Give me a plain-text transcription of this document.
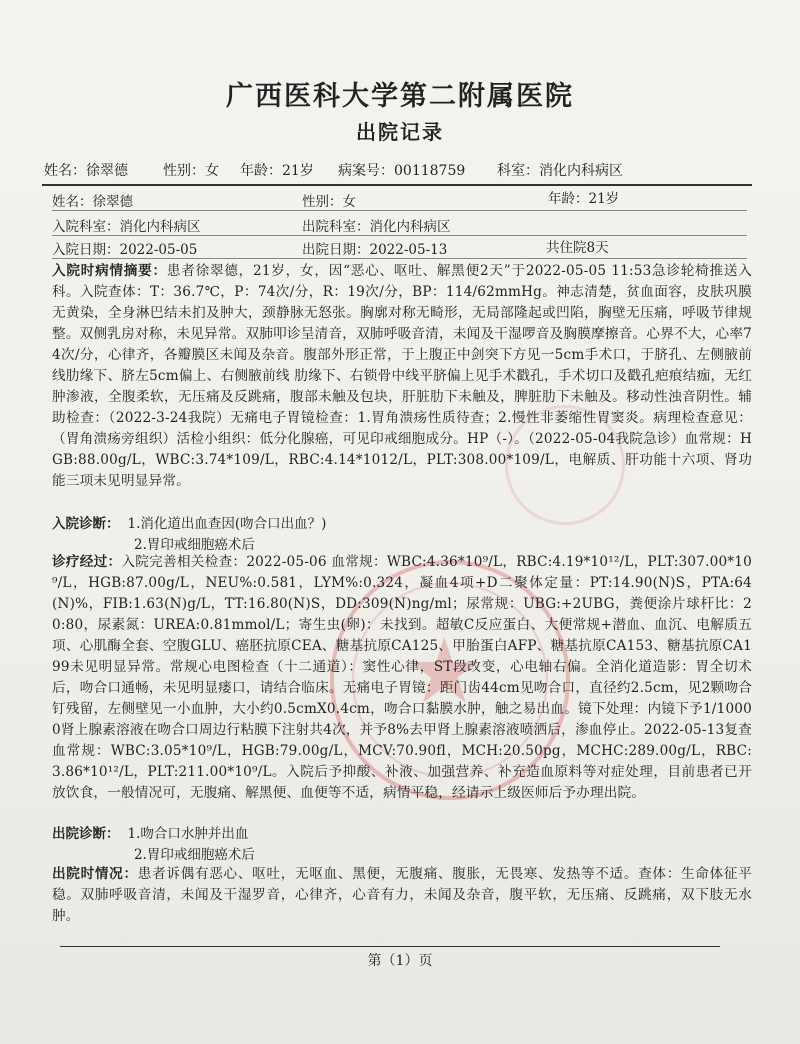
★
广西医科大学第二附属医院
出院记录
姓名：徐翠德	性别：女 年龄：21岁 病案号：00118759 科室：消化内科病区
姓名：徐翠德	性别：女	年龄：21岁
入院科室：消化内科病区	出院科室：消化内科病区
入院日期：2022-05-05	出院日期：2022-05-13	共住院8天
入院时病情摘要：患者徐翠德，21岁，女，因“恶心、呕吐、解黑便2天”于2022-05-05 11:53急诊轮椅推送入科。入院查体：T：36.7℃，P：74次/分，R：19次/分，BP：114/62mmHg。神志清楚，贫血面容，皮肤巩膜无黄染，全身淋巴结未扪及肿大，颈静脉无怒张。胸廓对称无畸形，无局部隆起或凹陷，胸壁无压痛，呼吸节律规整。双侧乳房对称，未见异常。双肺叩诊呈清音，双肺呼吸音清，未闻及干湿啰音及胸膜摩擦音。心界不大，心率74次/分，心律齐，各瓣膜区未闻及杂音。腹部外形正常，于上腹正中剑突下方见一5cm手术口，于脐孔、左侧腋前线肋缘下、脐左5cm偏上、右侧腋前线 肋缘下、右锁骨中线平脐偏上见手术戳孔，手术切口及戳孔疤痕结痂，无红肿渗液，全腹柔软，无压痛及反跳痛，腹部未触及包块，肝脏肋下未触及，脾脏肋下未触及。移动性浊音阴性。辅助检查：（2022-3-24我院）无痛电子胃镜检查：1.胃角溃疡性质待查；2.慢性非萎缩性胃窦炎。病理检查意见：（胃角溃疡旁组织）活检小组织：低分化腺癌，可见印戒细胞成分。HP（-）。（2022-05-04我院急诊）血常规：HGB:88.00g/L，WBC:3.74*109/L，RBC:4.14*1012/L，PLT:308.00*109/L，电解质、肝功能十六项、肾功能三项未见明显异常。
入院诊断： 1.消化道出血查因(吻合口出血？)
2.胃印戒细胞癌术后
诊疗经过：入院完善相关检查：2022-05-06 血常规：WBC:4.36*10⁹/L，RBC:4.19*10¹²/L，PLT:307.00*10⁹/L，HGB:87.00g/L，NEU%:0.581，LYM%:0.324，凝血4项+D二聚体定量：PT:14.90(N)S，PTA:64(N)%，FIB:1.63(N)g/L，TT:16.80(N)S，DD:309(N)ng/ml；尿常规：UBG:+2UBG，粪便涂片球杆比：20:80，尿素氮：UREA:0.81mmol/L；寄生虫(卵)：未找到。超敏C反应蛋白、大便常规+潜血、血沉、电解质五项、心肌酶全套、空腹GLU、癌胚抗原CEA、糖基抗原CA125、甲胎蛋白AFP、糖基抗原CA153、糖基抗原CA199未见明显异常。常规心电图检查（十二通道）：窦性心律，ST段改变，心电轴右偏。全消化道造影：胃全切术后，吻合口通畅，未见明显瘘口，请结合临床。无痛电子胃镜：距门齿44cm见吻合口，直径约2.5cm，见2颗吻合钉残留，左侧壁见一小血肿，大小约0.5cmX0.4cm，吻合口黏膜水肿，触之易出血。镜下处理：内镜下予1/10000肾上腺素溶液在吻合口周边行粘膜下注射共4次，并予8%去甲肾上腺素溶液喷洒后，渗血停止。2022-05-13复查血常规：WBC:3.05*10⁹/L，HGB:79.00g/L，MCV:70.90fl，MCH:20.50pg，MCHC:289.00g/L，RBC:3.86*10¹²/L，PLT:211.00*10⁹/L。入院后予抑酸、补液、加强营养、补充造血原料等对症处理，目前患者已开放饮食，一般情况可，无腹痛、解黑便、血便等不适，病情平稳，经请示上级医师后予办理出院。
出院诊断： 1.吻合口水肿并出血
2.胃印戒细胞癌术后
出院时情况：患者诉偶有恶心、呕吐，无呕血、黑便，无腹痛、腹胀，无畏寒、发热等不适。查体：生命体征平稳。双肺呼吸音清，未闻及干湿罗音，心律齐，心音有力，未闻及杂音，腹平软，无压痛、反跳痛，双下肢无水肿。
第（1）页
